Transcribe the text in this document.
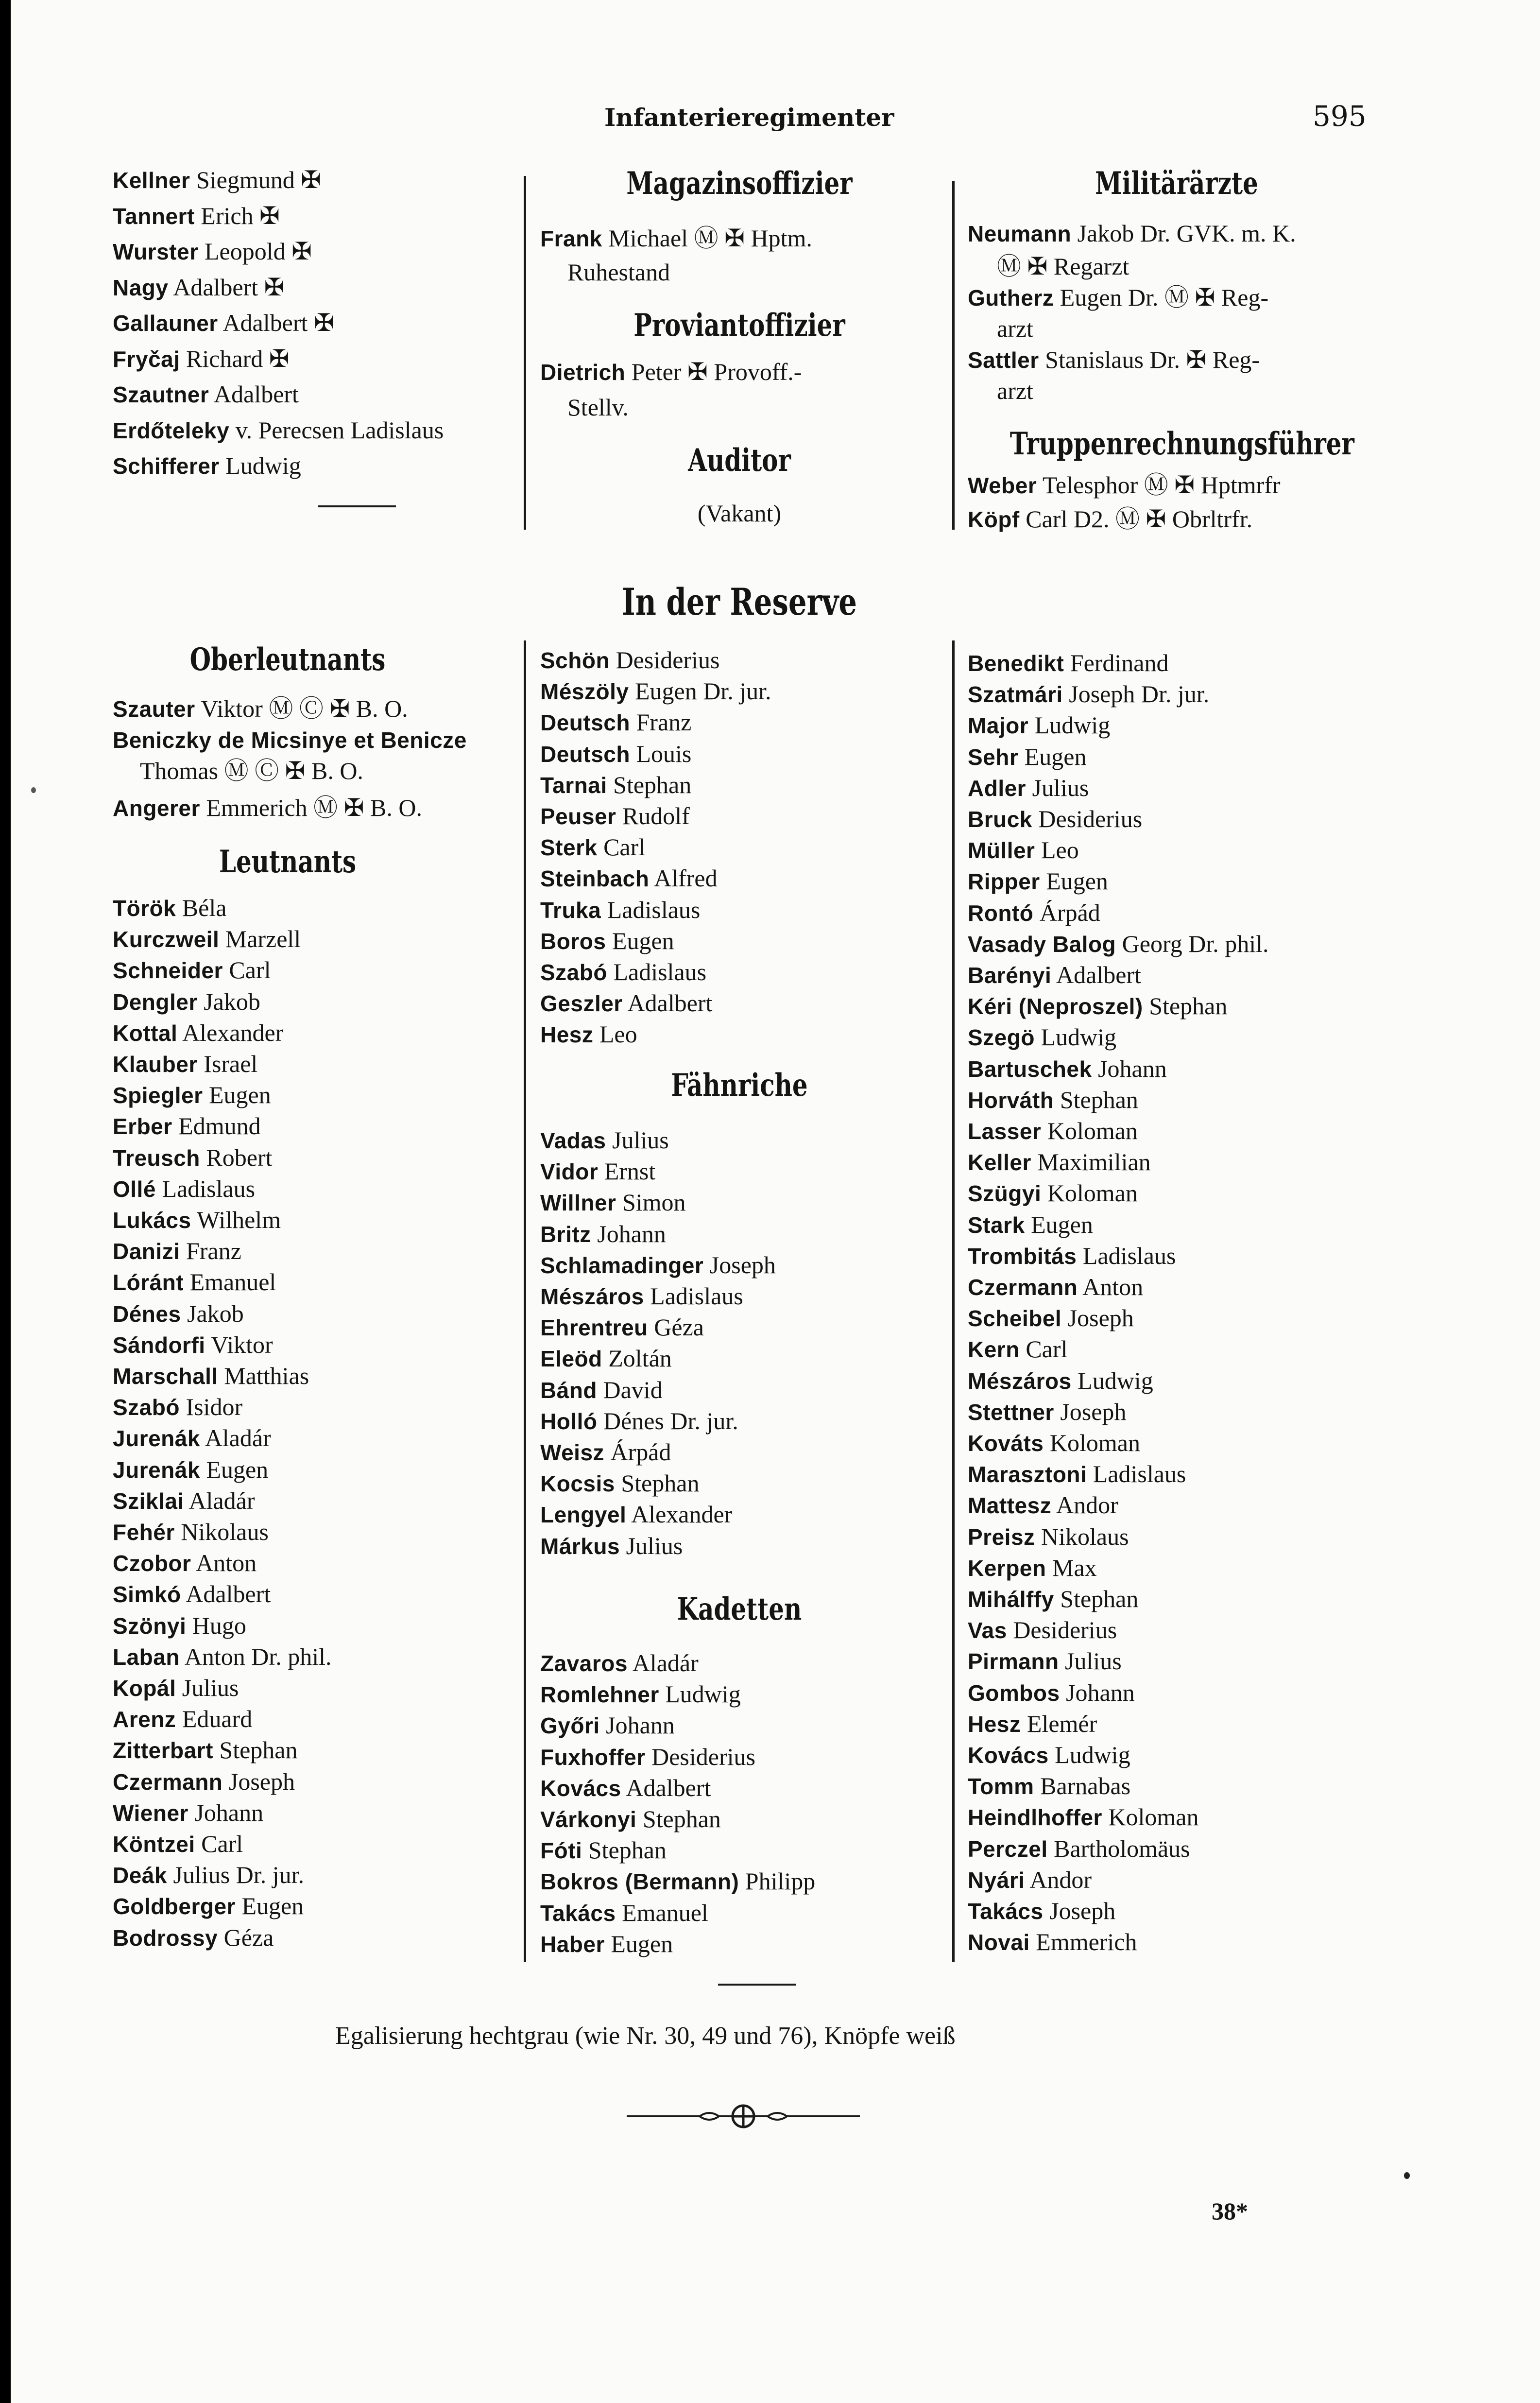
Infanterieregimenter	595
Kellner Siegmund ✠
Tannert Erich ✠
Wurster Leopold ✠
Nagy Adalbert ✠
Gallauner Adalbert ✠
Fryčaj Richard ✠
Szautner Adalbert
Erdőteleky v. Perecsen Ladislaus
Schifferer Ludwig
Magazinsoffizier
Frank Michael Ⓜ ✠ Hptm.
Ruhestand
Proviantoffizier
Dietrich Peter ✠ Provoff.-
Stellv.
Auditor
(Vakant)
Militärärzte
Neumann Jakob Dr. GVK. m. K.
Ⓜ ✠ Regarzt
Gutherz Eugen Dr. Ⓜ ✠ Reg-
arzt
Sattler Stanislaus Dr. ✠ Reg-
arzt
Truppenrechnungsführer
Weber Telesphor Ⓜ ✠ Hptmrfr
Köpf Carl D2. Ⓜ ✠ Obrltrfr.
In der Reserve
Oberleutnants
Szauter Viktor Ⓜ Ⓒ ✠ B. O.
Beniczky de Micsinye et Benicze
Thomas Ⓜ Ⓒ ✠ B. O.
Angerer Emmerich Ⓜ ✠ B. O.
Leutnants
Török Béla
Kurczweil Marzell
Schneider Carl
Dengler Jakob
Kottal Alexander
Klauber Israel
Spiegler Eugen
Erber Edmund
Treusch Robert
Ollé Ladislaus
Lukács Wilhelm
Danizi Franz
Lóránt Emanuel
Dénes Jakob
Sándorfi Viktor
Marschall Matthias
Szabó Isidor
Jurenák Aladár
Jurenák Eugen
Sziklai Aladár
Fehér Nikolaus
Czobor Anton
Simkó Adalbert
Szönyi Hugo
Laban Anton Dr. phil.
Kopál Julius
Arenz Eduard
Zitterbart Stephan
Czermann Joseph
Wiener Johann
Köntzei Carl
Deák Julius Dr. jur.
Goldberger Eugen
Bodrossy Géza
Schön Desiderius
Mészöly Eugen Dr. jur.
Deutsch Franz
Deutsch Louis
Tarnai Stephan
Peuser Rudolf
Sterk Carl
Steinbach Alfred
Truka Ladislaus
Boros Eugen
Szabó Ladislaus
Geszler Adalbert
Hesz Leo
Fähnriche
Vadas Julius
Vidor Ernst
Willner Simon
Britz Johann
Schlamadinger Joseph
Mészáros Ladislaus
Ehrentreu Géza
Eleöd Zoltán
Bánd David
Holló Dénes Dr. jur.
Weisz Árpád
Kocsis Stephan
Lengyel Alexander
Márkus Julius
Kadetten
Zavaros Aladár
Romlehner Ludwig
Győri Johann
Fuxhoffer Desiderius
Kovács Adalbert
Várkonyi Stephan
Fóti Stephan
Bokros (Bermann) Philipp
Takács Emanuel
Haber Eugen
Benedikt Ferdinand
Szatmári Joseph Dr. jur.
Major Ludwig
Sehr Eugen
Adler Julius
Bruck Desiderius
Müller Leo
Ripper Eugen
Rontó Árpád
Vasady Balog Georg Dr. phil.
Barényi Adalbert
Kéri (Neproszel) Stephan
Szegö Ludwig
Bartuschek Johann
Horváth Stephan
Lasser Koloman
Keller Maximilian
Szügyi Koloman
Stark Eugen
Trombitás Ladislaus
Czermann Anton
Scheibel Joseph
Kern Carl
Mészáros Ludwig
Stettner Joseph
Kováts Koloman
Marasztoni Ladislaus
Mattesz Andor
Preisz Nikolaus
Kerpen Max
Mihálffy Stephan
Vas Desiderius
Pirmann Julius
Gombos Johann
Hesz Elemér
Kovács Ludwig
Tomm Barnabas
Heindlhoffer Koloman
Perczel Bartholomäus
Nyári Andor
Takács Joseph
Novai Emmerich
Egalisierung hechtgrau (wie Nr. 30, 49 und 76), Knöpfe weiß
38*
